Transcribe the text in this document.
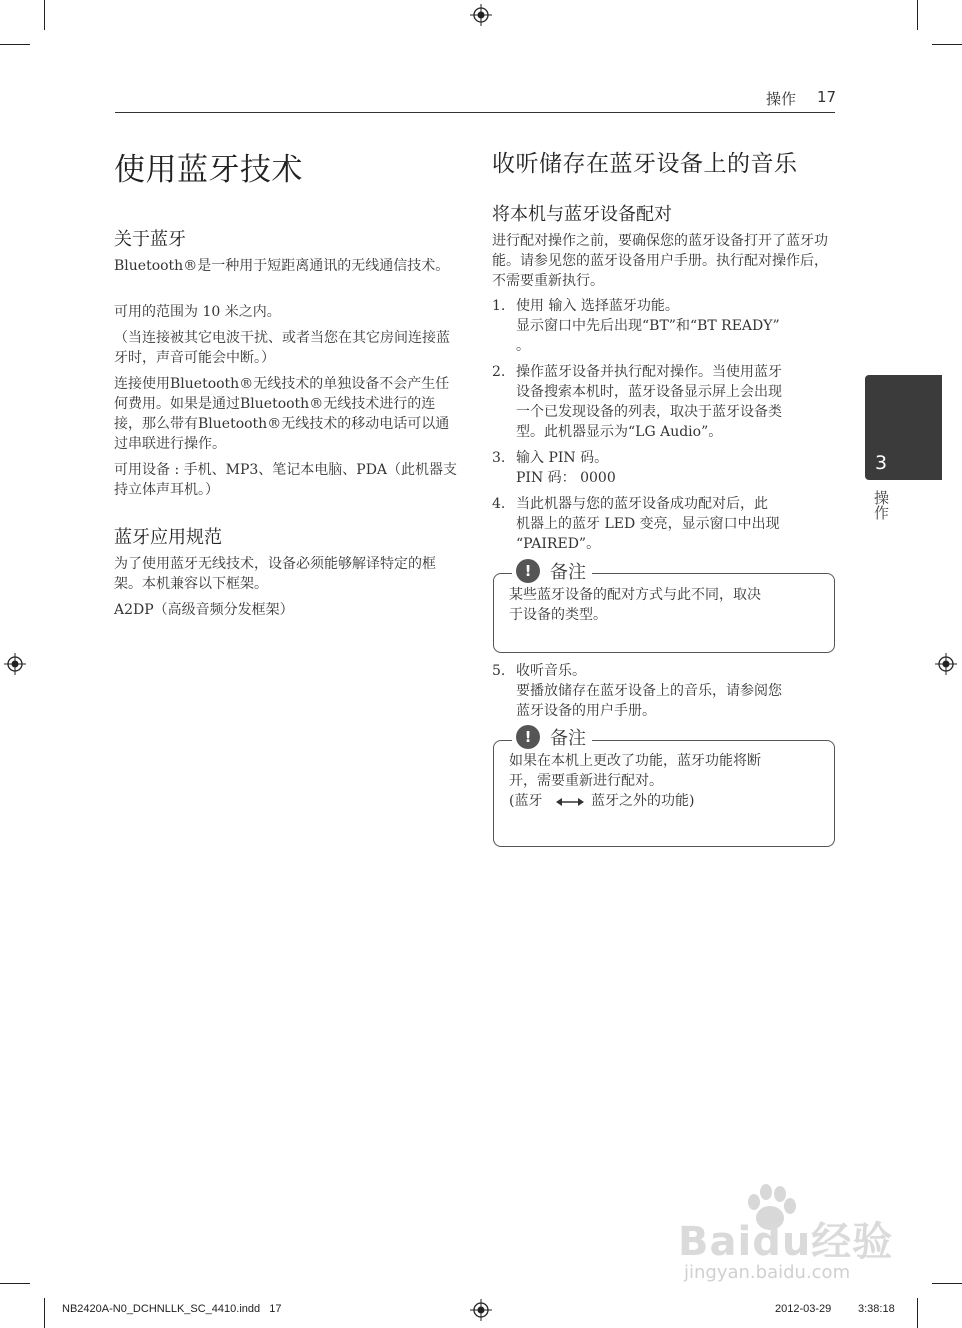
操作 17
使用蓝牙技术
关于蓝牙

Bluetooth®是一种用于短距离通讯的无线通信技术。

可用的范围为 10 米之内。

（当连接被其它电波干扰、或者当您在其它房间连接蓝牙时，声音可能会中断。）

连接使用Bluetooth®无线技术的单独设备不会产生任何费用。如果是通过Bluetooth®无线技术进行的连接，那么带有Bluetooth®无线技术的移动电话可以通过串联进行操作。

可用设备 : 手机、MP3、笔记本电脑、PDA（此机器支持立体声耳机。）

蓝牙应用规范

为了使用蓝牙无线技术，设备必须能够解译特定的框架。本机兼容以下框架。

A2DP（高级音频分发框架）

收听储存在蓝牙设备上的音乐
将本机与蓝牙设备配对

进行配对操作之前，要确保您的蓝牙设备打开了蓝牙功能。请参见您的蓝牙设备用户手册。执行配对操作后，不需要重新执行。

1. 使用 输入 选择蓝牙功能。

显示窗口中先后出现“BT”和“BT READY”

。

2. 操作蓝牙设备并执行配对操作。当使用蓝牙

设备搜索本机时，蓝牙设备显示屏上会出现

一个已发现设备的列表，取决于蓝牙设备类

型。此机器显示为“LG Audio”。

3. 输入 PIN 码。

PIN 码： 0000

4. 当此机器与您的蓝牙设备成功配对后，此

机器上的蓝牙 LED 变亮，显示窗口中出现

“PAIRED”。

!	备注

某些蓝牙设备的配对方式与此不同，取决

于设备的类型。

5. 收听音乐。

要播放储存在蓝牙设备上的音乐，请参阅您

蓝牙设备的用户手册。

!	备注

如果在本机上更改了功能，蓝牙功能将断

开，需要重新进行配对。

(蓝牙	蓝牙之外的功能)

3
操作
Baidu经验
jingyan.baidu.com
NB2420A-N0_DCHNLLK_SC_4410.indd   17	2012-03-29 3:38:18
